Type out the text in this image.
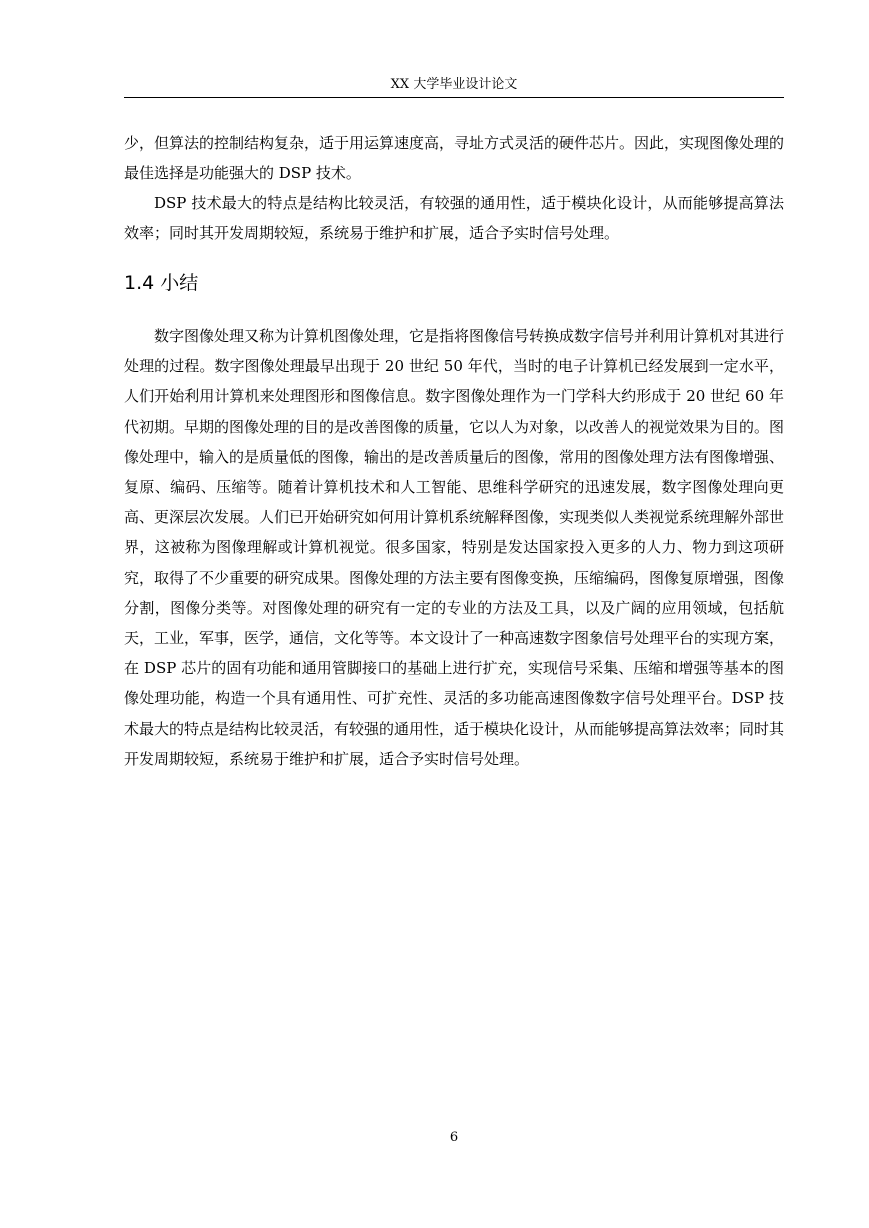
XX 大学毕业设计论文

少，但算法的控制结构复杂，适于用运算速度高，寻址方式灵活的硬件芯片。因此，实现图像处理的最佳选择是功能强大的 DSP 技术。

DSP 技术最大的特点是结构比较灵活，有较强的通用性，适于模块化设计，从而能够提高算法效率；同时其开发周期较短，系统易于维护和扩展，适合予实时信号处理。

1.4 小结

数字图像处理又称为计算机图像处理，它是指将图像信号转换成数字信号并利用计算机对其进行处理的过程。数字图像处理最早出现于 20 世纪 50 年代，当时的电子计算机已经发展到一定水平，人们开始利用计算机来处理图形和图像信息。数字图像处理作为一门学科大约形成于 20 世纪 60 年代初期。早期的图像处理的目的是改善图像的质量，它以人为对象，以改善人的视觉效果为目的。图像处理中，输入的是质量低的图像，输出的是改善质量后的图像，常用的图像处理方法有图像增强、复原、编码、压缩等。随着计算机技术和人工智能、思维科学研究的迅速发展，数字图像处理向更高、更深层次发展。人们已开始研究如何用计算机系统解释图像，实现类似人类视觉系统理解外部世界，这被称为图像理解或计算机视觉。很多国家，特别是发达国家投入更多的人力、物力到这项研究，取得了不少重要的研究成果。图像处理的方法主要有图像变换，压缩编码，图像复原增强，图像分割，图像分类等。对图像处理的研究有一定的专业的方法及工具，以及广阔的应用领域，包括航天，工业，军事，医学，通信，文化等等。本文设计了一种高速数字图象信号处理平台的实现方案，在 DSP 芯片的固有功能和通用管脚接口的基础上进行扩充，实现信号采集、压缩和增强等基本的图像处理功能，构造一个具有通用性、可扩充性、灵活的多功能高速图像数字信号处理平台。DSP 技术最大的特点是结构比较灵活，有较强的通用性，适于模块化设计，从而能够提高算法效率；同时其开发周期较短，系统易于维护和扩展，适合予实时信号处理。

6
